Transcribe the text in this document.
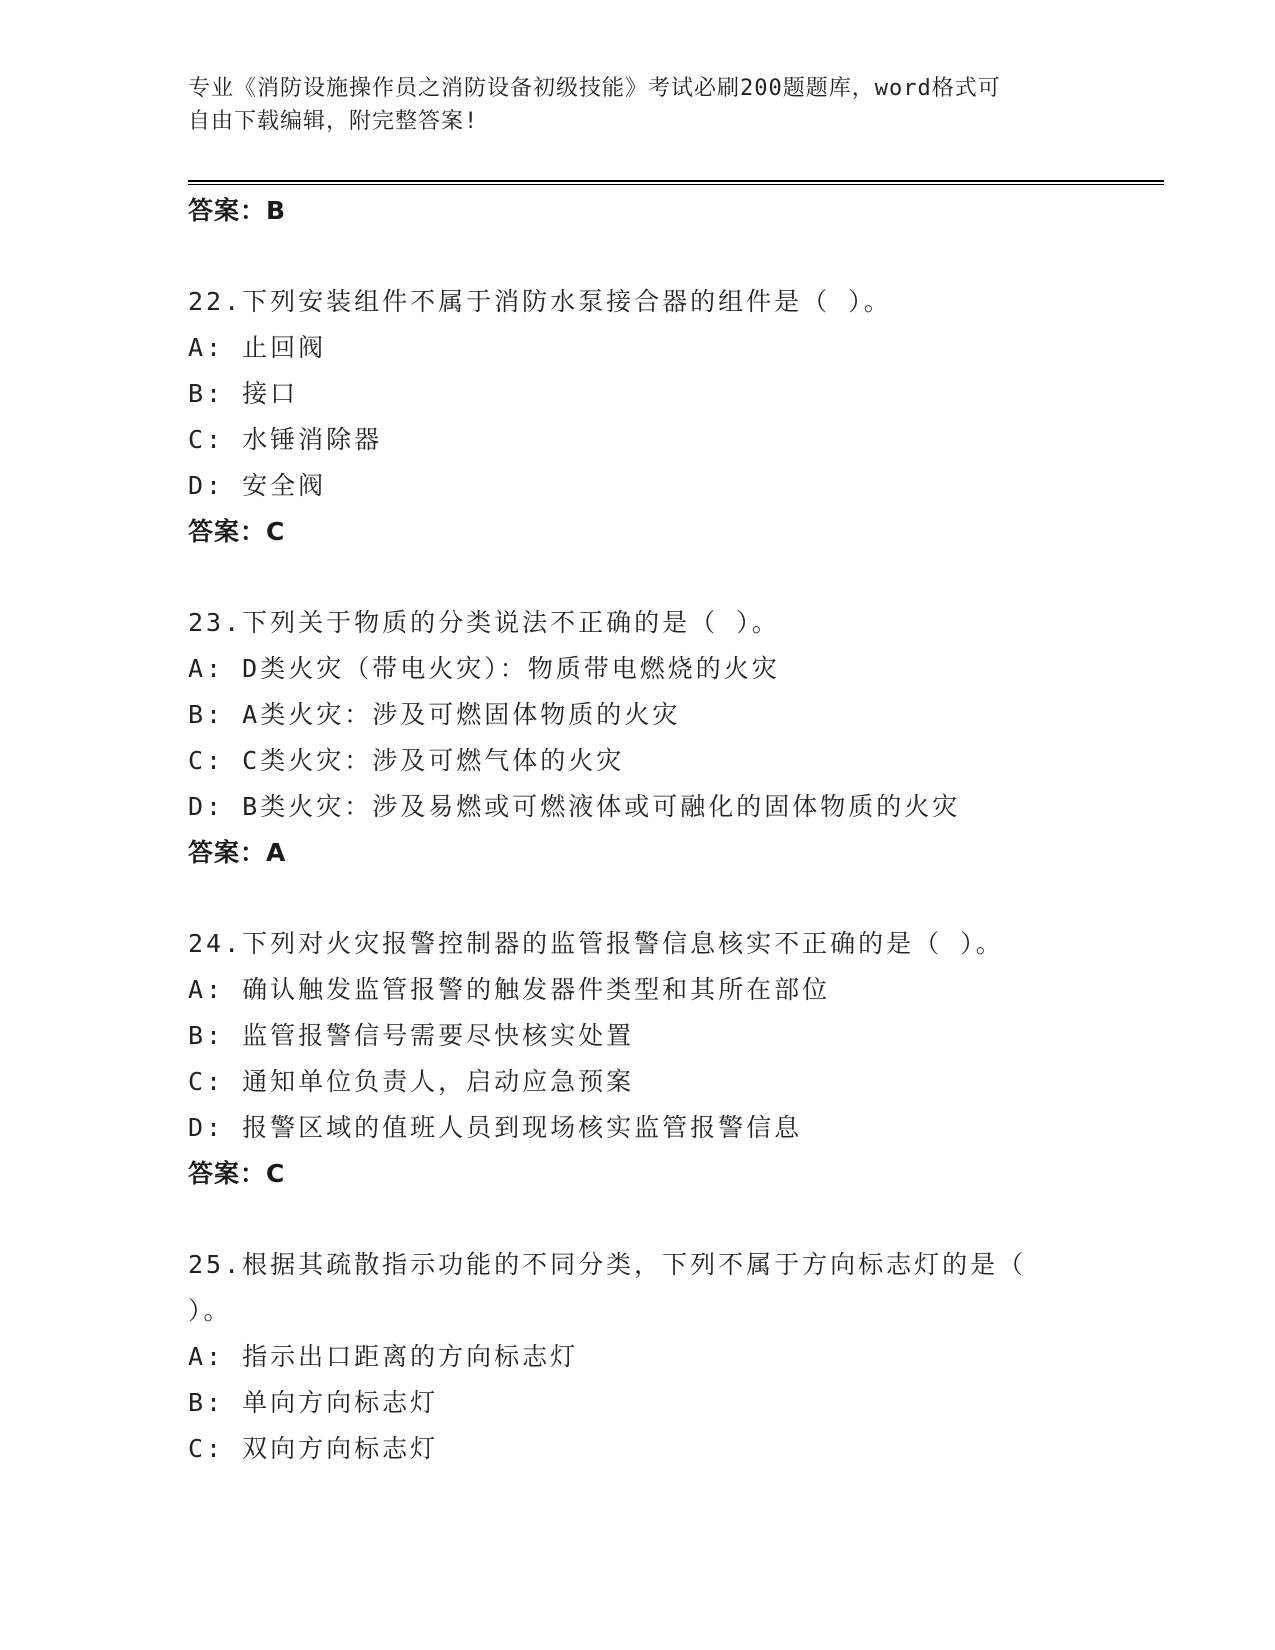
专业《消防设施操作员之消防设备初级技能》考试必刷200题题库，word格式可
自由下载编辑，附完整答案!
答案：B
22.下列安装组件不属于消防水泵接合器的组件是（ ）。
A: 止回阀
B: 接口
C: 水锤消除器
D: 安全阀
答案：C
23.下列关于物质的分类说法不正确的是（ ）。
A: D类火灾（带电火灾）：物质带电燃烧的火灾
B: A类火灾：涉及可燃固体物质的火灾
C: C类火灾：涉及可燃气体的火灾
D: B类火灾：涉及易燃或可燃液体或可融化的固体物质的火灾
答案：A
24.下列对火灾报警控制器的监管报警信息核实不正确的是（ ）。
A: 确认触发监管报警的触发器件类型和其所在部位
B: 监管报警信号需要尽快核实处置
C: 通知单位负责人，启动应急预案
D: 报警区域的值班人员到现场核实监管报警信息
答案：C
25.根据其疏散指示功能的不同分类，下列不属于方向标志灯的是（
）。
A: 指示出口距离的方向标志灯
B: 单向方向标志灯
C: 双向方向标志灯
